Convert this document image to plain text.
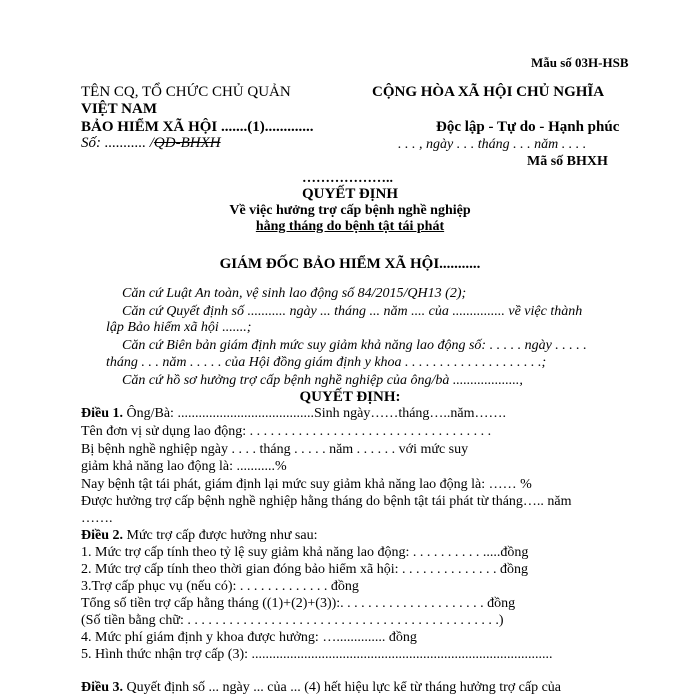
Mẫu số 03H-HSB
TÊN CQ, TỔ CHỨC CHỦ QUẢN
VIỆT NAM
BẢO HIỂM XÃ HỘI .......(1).............
Số: ........... /QĐ-BHXH
CỘNG HÒA XÃ HỘI CHỦ NGHĨA
Độc lập - Tự do - Hạnh phúc
. . . , ngày . . . tháng . . . năm . . . .
Mã số BHXH
………………..
QUYẾT ĐỊNH
Về việc hưởng trợ cấp bệnh nghề nghiệp
hằng tháng do bệnh tật tái phát
GIÁM ĐỐC BẢO HIỂM XÃ HỘI...........
Căn cứ Luật An toàn, vệ sinh lao động số 84/2015/QH13 (2);
Căn cứ Quyết định số ........... ngày ... tháng ... năm .... của ............... về việc thành
lập Bảo hiểm xã hội .......;
Căn cứ Biên bản giám định mức suy giảm khả năng lao động số: . . . . . ngày . . . . .
tháng . . . năm . . . . . của Hội đồng giám định y khoa . . . . . . . . . . . . . . . . . . . .;
Căn cứ hồ sơ hưởng trợ cấp bệnh nghề nghiệp của ông/bà ...................,
QUYẾT ĐỊNH:
Điều 1. Ông/Bà: .......................................Sinh ngày……tháng…..năm…….
Tên đơn vị sử dụng lao động: . . . . . . . . . . . . . . . . . . . . . . . . . . . . . . . . . . .
Bị bệnh nghề nghiệp ngày . . . . tháng . . . . . năm . . . . . . với mức suy
giảm khả năng lao động là: ...........%
Nay bệnh tật tái phát, giám định lại mức suy giảm khả năng lao động là: …… %
Được hưởng trợ cấp bệnh nghề nghiệp hằng tháng do bệnh tật tái phát từ tháng….. năm
…….
Điều 2. Mức trợ cấp được hưởng như sau:
1. Mức trợ cấp tính theo tỷ lệ suy giảm khả năng lao động: . . . . . . . . . . .....đồng
2. Mức trợ cấp tính theo thời gian đóng bảo hiểm xã hội: . . . . . . . . . . . . . . đồng
3.Trợ cấp phục vụ (nếu có): . . . . . . . . . . . . . đồng
Tổng số tiền trợ cấp hằng tháng ((1)+(2)+(3)):. . . . . . . . . . . . . . . . . . . . . đồng
(Số tiền bằng chữ: . . . . . . . . . . . . . . . . . . . . . . . . . . . . . . . . . . . . . . . . . . . . .)
4. Mức phí giám định y khoa được hưởng: ….............. đồng
5. Hình thức nhận trợ cấp (3): ......................................................................................
Điều 3. Quyết định số ... ngày ... của ... (4) hết hiệu lực kể từ tháng hưởng trợ cấp của
